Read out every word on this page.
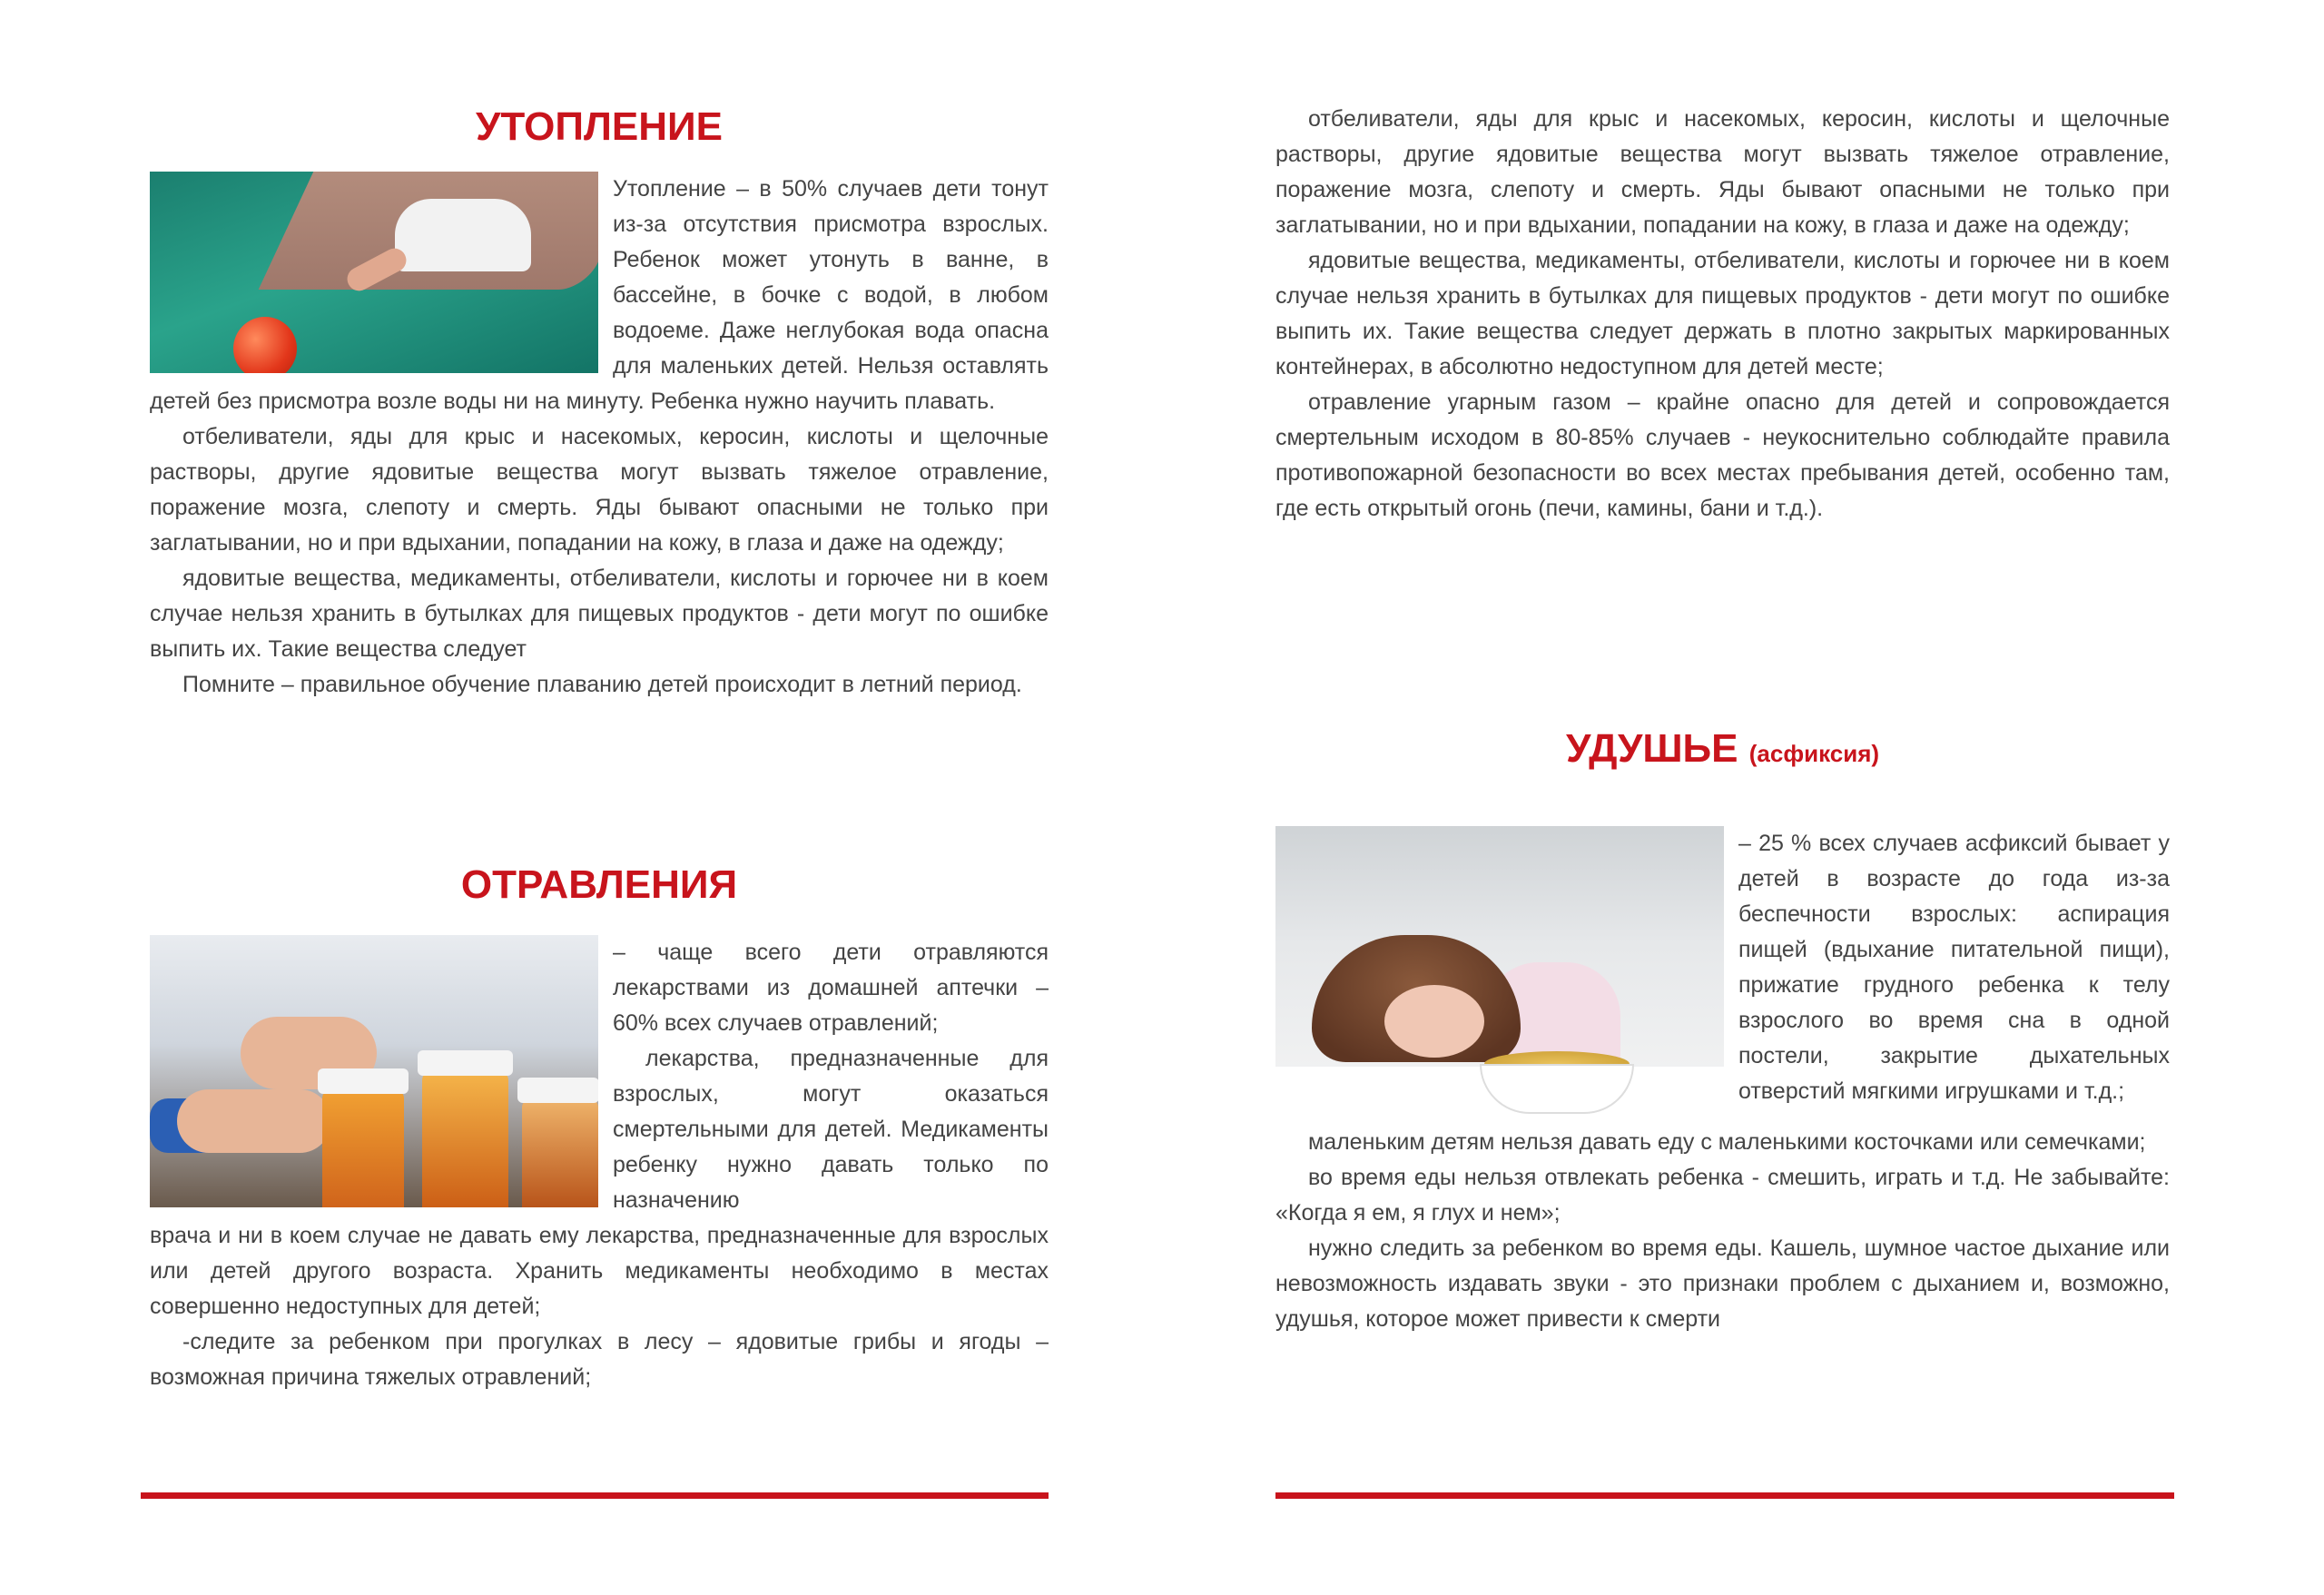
УТОПЛЕНИЕ

Утопление – в 50% случаев дети тонут из-за отсутствия присмотра взрослых. Ребенок может утонуть в ванне, в бассейне, в бочке с водой, в любом водоеме. Даже неглубокая вода опасна для маленьких детей. Нельзя оставлять детей без присмотра возле воды ни на минуту. Ребенка нужно научить плавать.

отбеливатели, яды для крыс и насекомых, керосин, кислоты и щелочные растворы, другие ядовитые вещества могут вызвать тяжелое отравление, поражение мозга, слепоту и смерть. Яды бывают опасными не только при заглатывании, но и при вдыхании, попадании на кожу, в глаза и даже на одежду;

ядовитые вещества, медикаменты, отбеливатели, кислоты и горючее ни в коем случае нельзя хранить в бутылках для пищевых продуктов - дети могут по ошибке выпить их. Такие вещества следует

Помните – правильное обучение плаванию детей происходит в летний период.

ОТРАВЛЕНИЯ

– чаще всего дети отравляются лекарствами из домашней аптечки – 60% всех случаев отравлений;

лекарства, предназначенные для взрослых, могут оказаться смертельными для детей. Медикаменты ребенку нужно давать только по назначению

врача и ни в коем случае не давать ему лекарства, предназначенные для взрослых или детей другого возраста. Хранить медикаменты необходимо в местах совершенно недоступных для детей;

-следите за ребенком при прогулках в лесу – ядовитые грибы и ягоды – возможная причина тяжелых отравлений;

отбеливатели, яды для крыс и насекомых, керосин, кислоты и щелочные растворы, другие ядовитые вещества могут вызвать тяжелое отравление, поражение мозга, слепоту и смерть. Яды бывают опасными не только при заглатывании, но и при вдыхании, попадании на кожу, в глаза и даже на одежду;

ядовитые вещества, медикаменты, отбеливатели, кислоты и горючее ни в коем случае нельзя хранить в бутылках для пищевых продуктов - дети могут по ошибке выпить их. Такие вещества следует держать в плотно закрытых маркированных контейнерах, в абсолютно недоступном для детей месте;

отравление угарным газом – крайне опасно для детей и сопровождается смертельным исходом в 80-85% случаев - неукоснительно соблюдайте правила противопожарной безопасности во всех местах пребывания детей, особенно там, где есть открытый огонь (печи, камины, бани и т.д.).

УДУШЬЕ (асфиксия)

– 25 % всех случаев асфиксий бывает у детей в возрасте до года из-за беспечности взрослых: аспирация пищей (вдыхание питательной пищи), прижатие грудного ребенка к телу взрослого во время сна в одной постели, закрытие дыхательных отверстий мягкими игрушками и т.д.;

маленьким детям нельзя давать еду с маленькими косточками или семечками;

во время еды нельзя отвлекать ребенка - смешить, играть и т.д. Не забывайте: «Когда я ем, я глух и нем»;

нужно следить за ребенком во время еды. Кашель, шумное частое дыхание или невозможность издавать звуки - это признаки проблем с дыханием и, возможно, удушья, которое может привести к смерти
